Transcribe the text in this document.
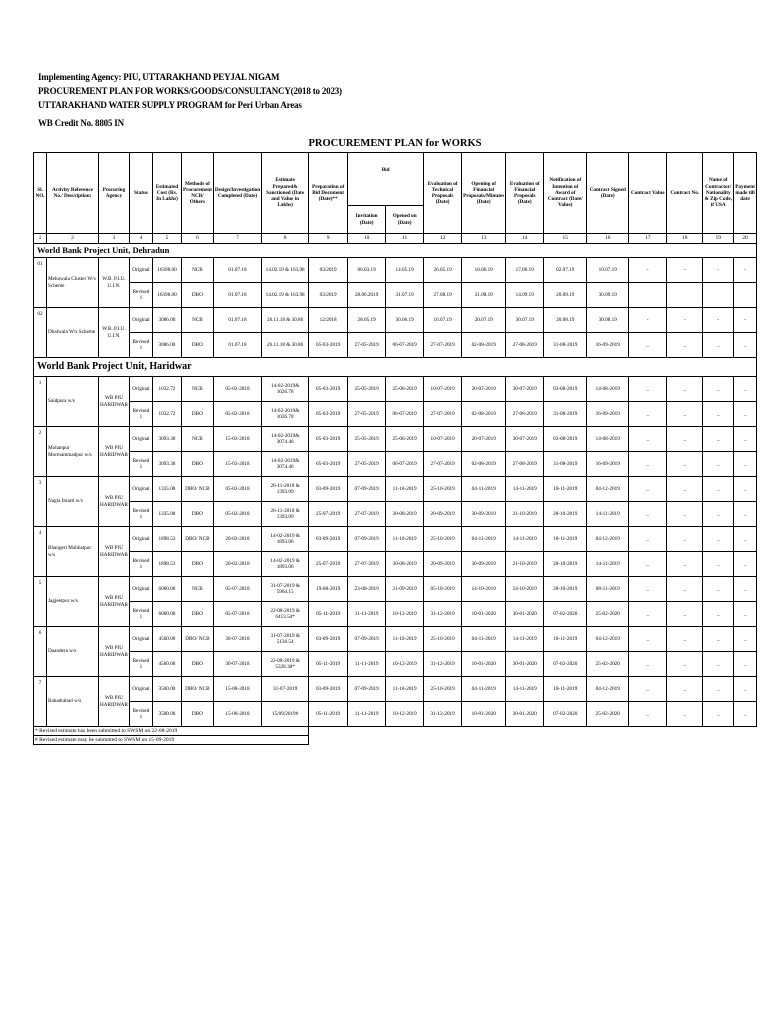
Implementing Agency: PIU, UTTARAKHAND PEYJAL NIGAM
PROCUREMENT PLAN FOR WORKS/GOODS/CONSULTANCY(2018 to 2023)
UTTARAKHAND WATER SUPPLY PROGRAM for Peri Urban Areas
WB Credit No. 8805 IN
PROCUREMENT PLAN for WORKS
Sl. NO.	Activity Reference No./ Description:	Procuring Agency	Status	Estimated Cost (Rs. In Lakhs)	Methods of Procurement NCB/ Others	Design/Investigation Completed (Date)	Estimate Prepared& Sanctioned (Date and Value in Lakhs)	Preparation of Bid Document (Date)**	Bid		Evaluation of Technical Proposals (Date)	Opening of Financial Proposals/Minutes (Date)	Evaluation of Financial Proposals (Date)	Notification of Intention of Award of Contract (Date/ Value)	Contract Signed (Date)	Contract Value	Contract No.	Name of Contractor/ Nationality & Zip Code, if USA	Payment made till date
									Invitation (Date)	Opened on (Date)									
1	2	3	4	5	6	7	8	9	10	11	12	13	14	15	16	17	18	19	20
World Bank Project Unit, Dehradun																			
01	Mehuwala Cluster W/s Scheme	W.B. P.I.U. U.I.N.	Original	16398.00	NCB	01.07.18	14.02.19 & 163.98	03/2019	06.03.19	14.05.19	26.05.19	10.06.19	17.06.19	02.07.19	10.07.19	-	-	-	-
			Revised 1	16398.00	DBO	01.07.18	14.02.19 & 163.98	03/2019	28.06.2019	31.07.19	27.08.19	31.08.19	14.09.19	20.09.19	30.09.19				
02	Dhalwala W/s Scheme	W.B. P.I.U. U.I.N.	Original	3086.00	NCB	01.07.18	26.11.18 & 30.86	12/2018	28.05.19	30.06.19	10.07.19	20.07.19	30.07.19	20.08.19	30.08.19	-	-	-	-
			Revised 1	3086.00	DBO	01.07.18	26.11.18 & 30.86	05-03-2019	27-05-2019	06-07-2019	27-07-2019	02-08-2019	27-08-2019	31-08-2019	16-09-2019	_	_	_	_
World Bank Project Unit, Haridwar																			
1	Saidpura w/s	WB PIU HARIDWAR	Original	1032.72	NCB	05-02-2018	14-02-2019& 1026.78	05-03-2019	25-05-2019	25-06-2019	10-07-2019	20-07-2019	30-07-2019	03-08-2019	14-08-2019	_	_	_	_
			Revised 1	1032.72	DBO	05-02-2018	14-02-2019& 1026.78	05-03-2019	27-05-2019	06-07-2019	27-07-2019	02-08-2019	27-08-2019	31-08-2019	16-09-2019	_	_	_	_
2	Mohanpur Mormammadpur w/s	WB PIU HARIDWAR	Original	3093.30	NCB	15-03-2018	14-02-2019& 3074.46	05-03-2019	25-05-2019	25-06-2019	10-07-2019	20-07-2019	30-07-2019	03-08-2019	14-08-2019	_	_	_	_
			Revised 1	3093.30	DBO	15-03-2018	14-02-2019& 3074.46	05-03-2019	27-05-2019	06-07-2019	27-07-2019	02-08-2019	27-08-2019	31-08-2019	16-09-2019	_	_	_	_
3	Nagla Imarti w/s	WB PIU HARIDWAR	Original	1335.08	DBO/ NCB	05-02-2018	26-11-2018 & 1393.09	03-09-2019	07-09-2019	11-10-2019	25-10-2019	04-11-2019	14-11-2019	18-11-2019	04-12-2019	_	_	_	_
			Revised 1	1335.08	DBO	05-02-2018	26-11-2018 & 1393.09	25-07-2019	27-07-2019	30-08-2019	20-09-2019	30-09-2019	21-10-2019	28-10-2019	14-11-2019	_	_	_	_
4	Bhangeri Mahhatpur w/s	WB PIU HARIDWAR	Original	1898.53	DBO/ NCB	20-02-2018	14-02-2019 & 1893.06	03-09-2019	07-09-2019	11-10-2019	25-10-2019	04-11-2019	14-11-2019	18-11-2019	04-12-2019	_	_	_	_
			Revised 1	1898.53	DBO	20-02-2018	14-02-2019 & 1893.06	25-07-2019	27-07-2019	30-08-2019	20-09-2019	30-09-2019	21-10-2019	28-10-2019	14-11-2019	_	_	_	_
5	Jagjeetpur w/s	WB PIU HARIDWAR	Original	6000.00	NCB	05-07-2018	31-07-2019 & 5964.15	19-08-2019	23-08-2019	21-09-2019	05-10-2019	14-10-2019	24-10-2019	28-10-2019	08-11-2019	_	_	_	_
			Revised 1	6000.00	DBO	05-07-2018	22-08-2019 & 6413.54*	05-11-2019	11-11-2019	10-12-2019	31-12-2019	10-01-2020	30-01-2020	07-02-2020	25-02-2020	_	_	_	_
6	Daandera w/s	WB PIU HARIDWAR	Original	4500.00	DBO/ NCB	30-07-2018	31-07-2019 & 5136.54	03-09-2019	07-09-2019	11-10-2019	25-10-2019	04-11-2019	14-11-2019	18-11-2019	04-12-2019	_	_	_	_
			Revised 1	4500.00	DBO	30-07-2018	22-08-2019 & 5328.30*	05-11-2019	11-11-2019	10-12-2019	31-12-2019	10-01-2020	30-01-2020	07-02-2020	25-02-2020	_	_	_	_
7	Bahadrabad w/s	WB PIU HARIDWAR	Original	3500.00	DBO/ NCB	15-08-2018	31-07-2019	03-09-2019	07-09-2019	11-10-2019	25-10-2019	04-11-2019	14-11-2019	18-11-2019	04-12-2019	_	_	_	_
			Revised 1	3500.00	DBO	15-08-2018	15/09/2019#	05-11-2019	11-11-2019	10-12-2019	31-12-2019	10-01-2020	30-01-2020	07-02-2020	25-02-2020	_	_	_	_
* Revised estimate has been submitted to SWSM on 22-08-2019																			
# Revised estimate may be submitted to SWSM on 15-09-2019																			
